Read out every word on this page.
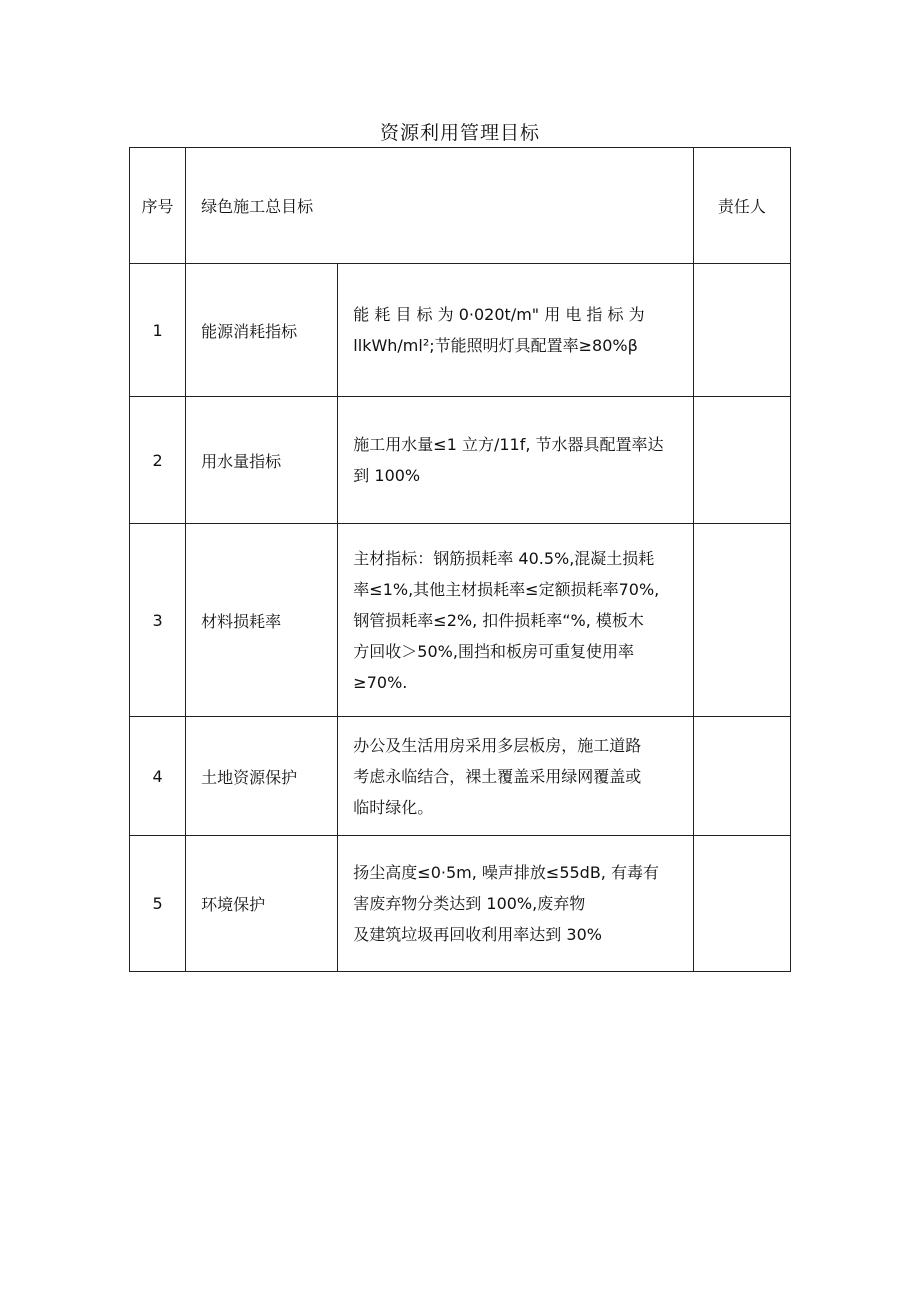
资源利用管理目标
序号	绿色施工总目标		责任人
1	能源消耗指标	能 耗 目 标 为 0·020t∕m" 用 电 指 标 为
llkWh/ml²;节能照明灯具配置率≥80%β	

2	用水量指标	施工用水量≤1 立方∕11f, 节水器具配置率达
到 100%	

3	材料损耗率	主材指标：钢筋损耗率 40.5%,混凝土损耗
率≤1%,其他主材损耗率≤定额损耗率70%,
钢管损耗率≤2%, 扣件损耗率“%, 模板木
方回收＞50%,围挡和板房可重复使用率
≥70%.	

4	土地资源保护	办公及生活用房采用多层板房，施工道路
考虑永临结合，裸土覆盖采用绿网覆盖或
临时绿化。	

5	环境保护	扬尘高度≤0·5m, 噪声排放≤55dB, 有毒有
害废弃物分类达到 100%,废弃物
及建筑垃圾再回收利用率达到 30%	
